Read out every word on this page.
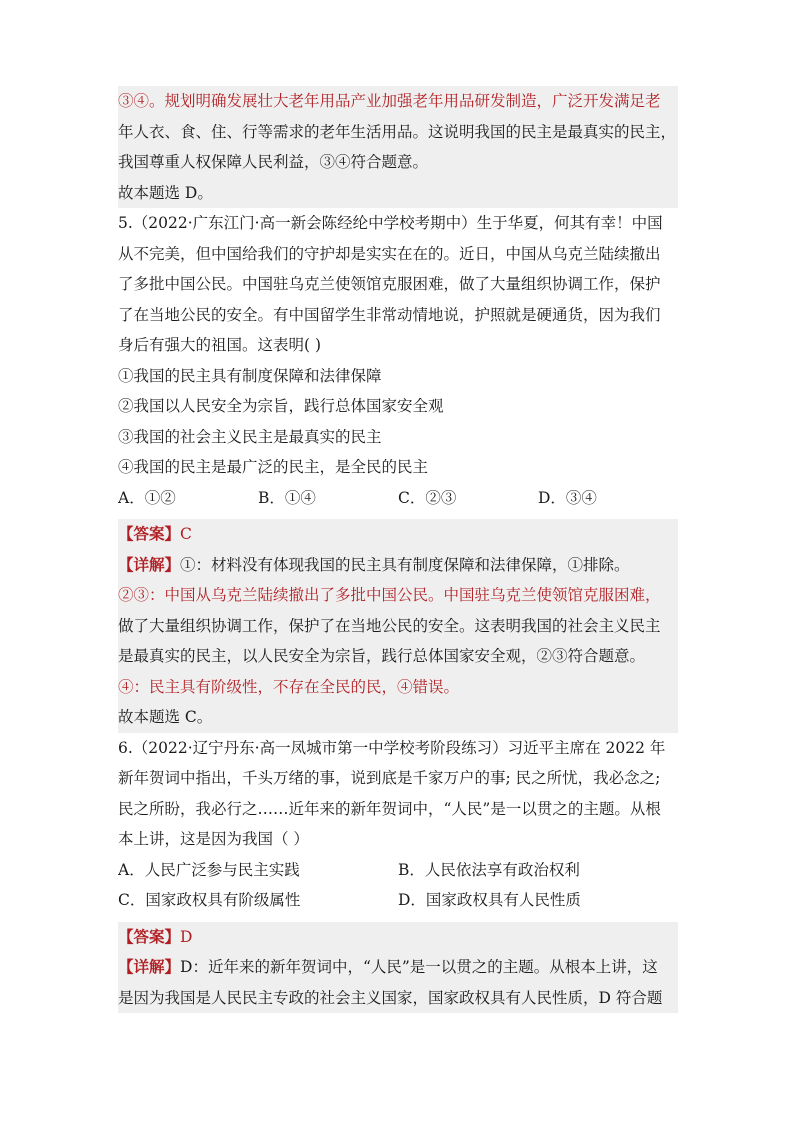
③④。规划明确发展壮大老年用品产业加强老年用品研发制造，广泛开发满足老
年人衣、食、住、行等需求的老年生活用品。这说明我国的民主是最真实的民主，
我国尊重人权保障人民利益，③④符合题意。
故本题选 D。
5.（2022·广东江门·高一新会陈经纶中学校考期中）生于华夏，何其有幸！中国
从不完美，但中国给我们的守护却是实实在在的。近日，中国从乌克兰陆续撤出
了多批中国公民。中国驻乌克兰使领馆克服困难，做了大量组织协调工作，保护
了在当地公民的安全。有中国留学生非常动情地说，护照就是硬通货，因为我们
身后有强大的祖国。这表明( )
①我国的民主具有制度保障和法律保障
②我国以人民安全为宗旨，践行总体国家安全观
③我国的社会主义民主是最真实的民主
④我国的民主是最广泛的民主，是全民的民主
A．①②	B．①④	C．②③	D．③④
【答案】C
【详解】①：材料没有体现我国的民主具有制度保障和法律保障，①排除。
②③：中国从乌克兰陆续撤出了多批中国公民。中国驻乌克兰使领馆克服困难，
做了大量组织协调工作，保护了在当地公民的安全。这表明我国的社会主义民主
是最真实的民主，以人民安全为宗旨，践行总体国家安全观，②③符合题意。
④：民主具有阶级性，不存在全民的民，④错误。
故本题选 C。
6.（2022·辽宁丹东·高一凤城市第一中学校考阶段练习）习近平主席在 2022 年
新年贺词中指出，千头万绪的事，说到底是千家万户的事; 民之所忧，我必念之;
民之所盼，我必行之……近年来的新年贺词中，“人民”是一以贯之的主题。从根
本上讲，这是因为我国（ ）
A．人民广泛参与民主实践	B．人民依法享有政治权利
C．国家政权具有阶级属性	D．国家政权具有人民性质
【答案】D
【详解】D：近年来的新年贺词中，“人民”是一以贯之的主题。从根本上讲，这
是因为我国是人民民主专政的社会主义国家，国家政权具有人民性质，D 符合题
